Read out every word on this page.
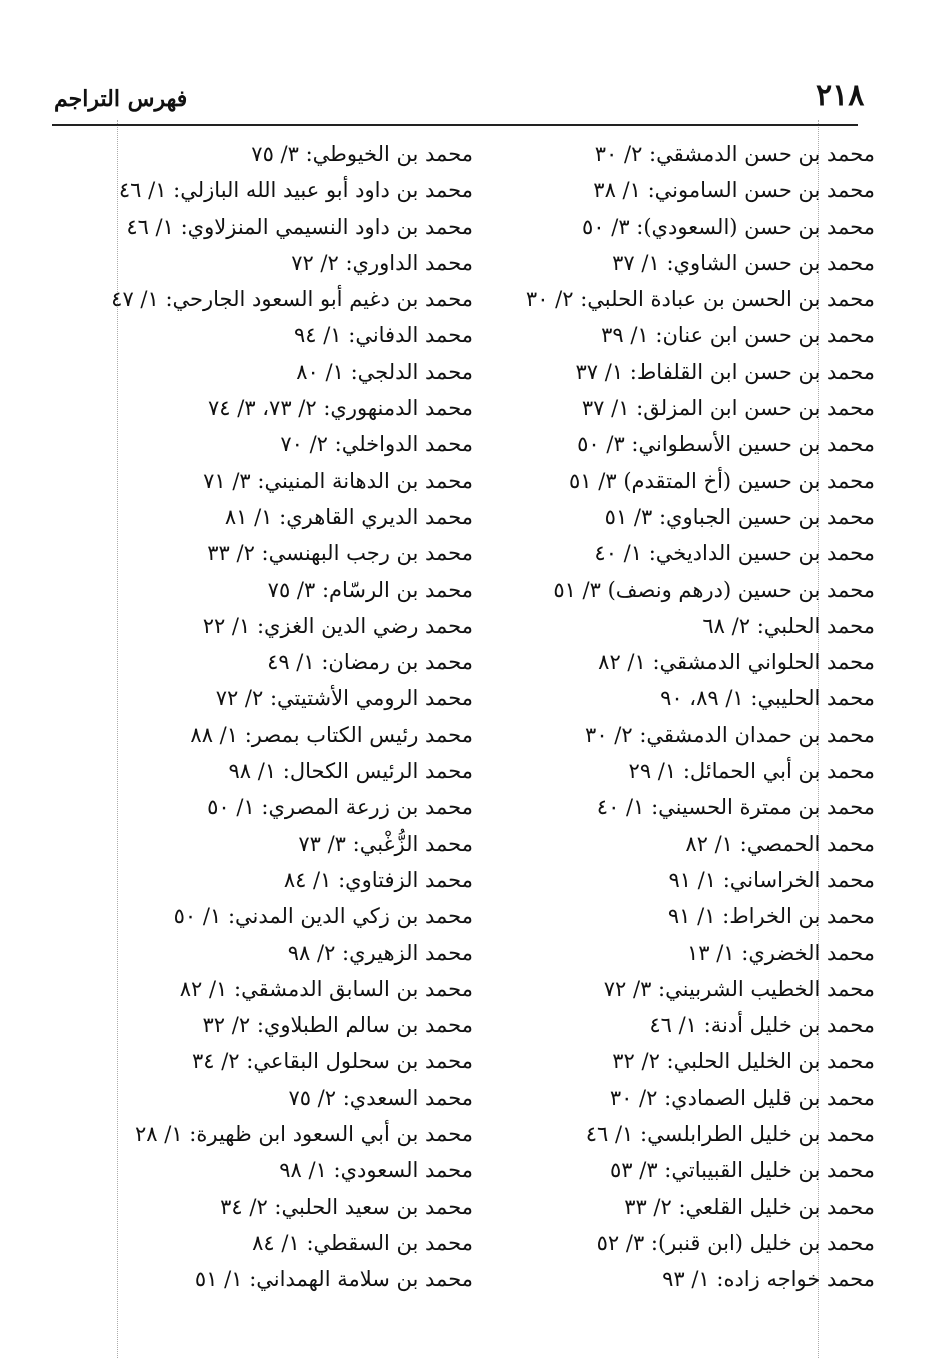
٢١٨
فهرس التراجم
محمد بن حسن الدمشقي: ٢/ ٣٠
محمد بن حسن الساموني: ١/ ٣٨
محمد بن حسن (السعودي): ٣/ ٥٠
محمد بن حسن الشاوي: ١/ ٣٧
محمد بن الحسن بن عبادة الحلبي: ٢/ ٣٠
محمد بن حسن ابن عنان: ١/ ٣٩
محمد بن حسن ابن القلفاط: ١/ ٣٧
محمد بن حسن ابن المزلق: ١/ ٣٧
محمد بن حسين الأسطواني: ٣/ ٥٠
محمد بن حسين (أخ المتقدم) ٣/ ٥١
محمد بن حسين الجباوي: ٣/ ٥١
محمد بن حسين الداديخي: ١/ ٤٠
محمد بن حسين (درهم ونصف) ٣/ ٥١
محمد الحلبي: ٢/ ٦٨
محمد الحلواني الدمشقي: ١/ ٨٢
محمد الحليبي: ١/ ٨٩، ٩٠
محمد بن حمدان الدمشقي: ٢/ ٣٠
محمد بن أبي الحمائل: ١/ ٢٩
محمد بن ممترة الحسيني: ١/ ٤٠
محمد الحمصي: ١/ ٨٢
محمد الخراساني: ١/ ٩١
محمد بن الخراط: ١/ ٩١
محمد الخضري: ١/ ١٣
محمد الخطيب الشربيني: ٣/ ٧٢
محمد بن خليل أدنة: ١/ ٤٦
محمد بن الخليل الحلبي: ٢/ ٣٢
محمد بن قليل الصمادي: ٢/ ٣٠
محمد بن خليل الطرابلسي: ١/ ٤٦
محمد بن خليل القبيباتي: ٣/ ٥٣
محمد بن خليل القلعي: ٢/ ٣٣
محمد بن خليل (ابن قنبر): ٣/ ٥٢
محمد خواجه زاده: ١/ ٩٣
محمد بن الخيوطي: ٣/ ٧٥
محمد بن داود أبو عبيد الله البازلي: ١/ ٤٦
محمد بن داود النسيمي المنزلاوي: ١/ ٤٦
محمد الداوري: ٢/ ٧٢
محمد بن دغيم أبو السعود الجارحي: ١/ ٤٧
محمد الدفاني: ١/ ٩٤
محمد الدلجي: ١/ ٨٠
محمد الدمنهوري: ٢/ ٧٣، ٣/ ٧٤
محمد الدواخلي: ٢/ ٧٠
محمد بن الدهانة المنيني: ٣/ ٧١
محمد الديري القاهري: ١/ ٨١
محمد بن رجب البهنسي: ٢/ ٣٣
محمد بن الرسّام: ٣/ ٧٥
محمد رضي الدين الغزي: ١/ ٢٢
محمد بن رمضان: ١/ ٤٩
محمد الرومي الأشتيتي: ٢/ ٧٢
محمد رئيس الكتاب بمصر: ١/ ٨٨
محمد الرئيس الكحال: ١/ ٩٨
محمد بن زرعة المصري: ١/ ٥٠
محمد الزُّغْبي: ٣/ ٧٣
محمد الزفتاوي: ١/ ٨٤
محمد بن زكي الدين المدني: ١/ ٥٠
محمد الزهيري: ٢/ ٩٨
محمد بن السابق الدمشقي: ١/ ٨٢
محمد بن سالم الطبلاوي: ٢/ ٣٢
محمد بن سحلول البقاعي: ٢/ ٣٤
محمد السعدي: ٢/ ٧٥
محمد بن أبي السعود ابن ظهيرة: ١/ ٢٨
محمد السعودي: ١/ ٩٨
محمد بن سعيد الحلبي: ٢/ ٣٤
محمد بن السقطي: ١/ ٨٤
محمد بن سلامة الهمداني: ١/ ٥١
